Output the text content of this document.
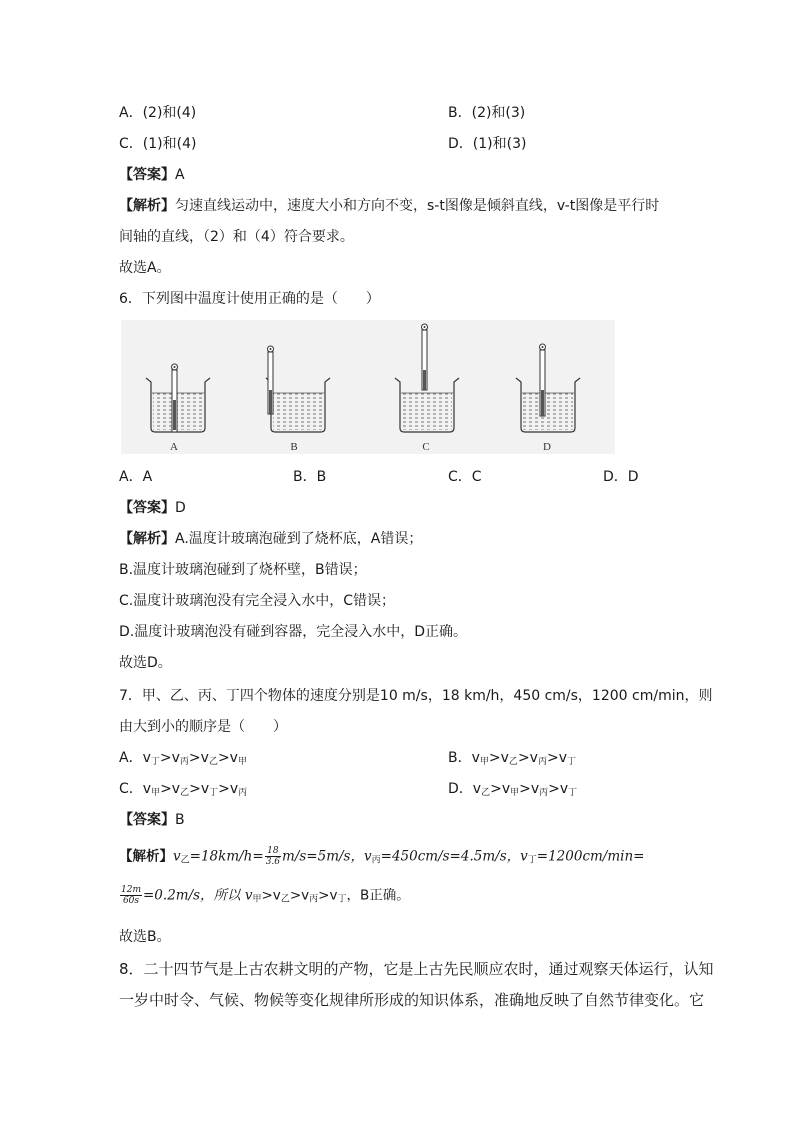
A．(2)和(4)	B．(2)和(3)
C．(1)和(4)	D．(1)和(3)
【答案】A
【解析】匀速直线运动中，速度大小和方向不变，s-t图像是倾斜直线，v-t图像是平行时
间轴的直线，（2）和（4）符合要求。
故选A。
6．下列图中温度计使用正确的是（　　）
A	B	C	D
A．A	B．B	C．C	D．D
【答案】D
【解析】A.温度计玻璃泡碰到了烧杯底，A错误；
B.温度计玻璃泡碰到了烧杯壁，B错误；
C.温度计玻璃泡没有完全浸入水中，C错误；
D.温度计玻璃泡没有碰到容器，完全浸入水中，D正确。
故选D。
7．甲、乙、丙、丁四个物体的速度分别是10 m/s，18 km/h，450 cm/s，1200 cm/min，则
由大到小的顺序是（　　）
A．$v_丁>v_丙>v_乙>v_甲$	B．$v_甲>v_乙>v_丙>v_丁$
C．$v_甲>v_乙>v_丁>v_丙$	D．$v_乙>v_甲>v_丙>v_丁$
【答案】B
【解析】$v_乙=18km/h= \frac{18}{3.6} m/s=5m/s$，$v_丙=450cm/s=4.5m/s$，$v_丁=1200cm/\min=$
$\frac{12m}{60s} =0.2m/s$，所以 $v_甲>v_乙>v_丙>v_丁$，B正确。
故选B。
8．二十四节气是上古农耕文明的产物，它是上古先民顺应农时，通过观察天体运行，认知
一岁中时令、气候、物候等变化规律所形成的知识体系，准确地反映了自然节律变化。它
